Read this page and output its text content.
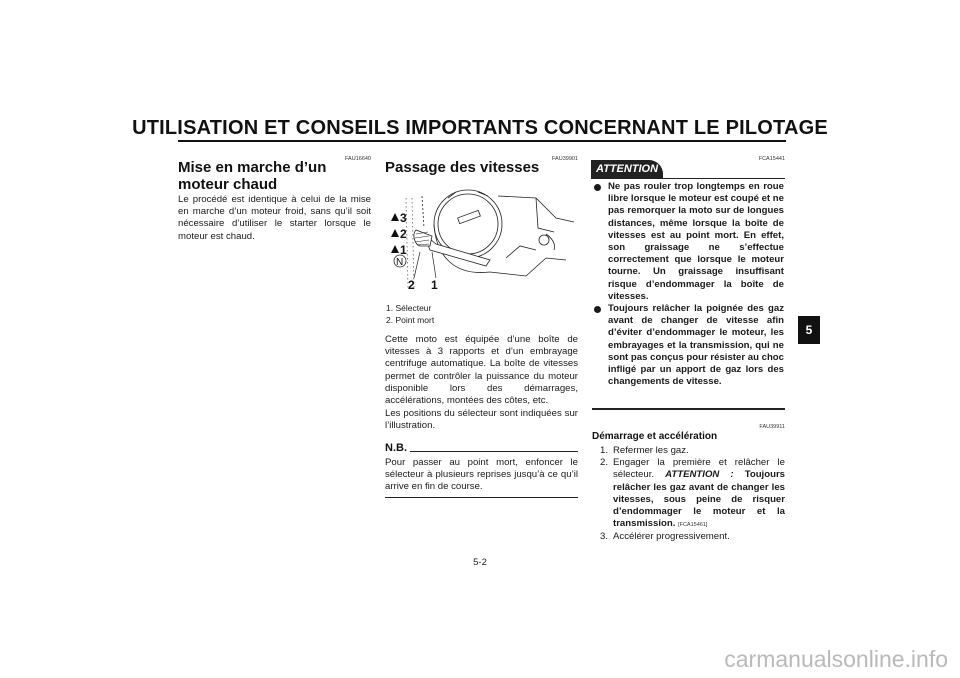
UTILISATION ET CONSEILS IMPORTANTS CONCERNANT LE PILOTAGE
5
FAU16640
Mise en marche d’un moteur chaud
Le procédé est identique à celui de la mise en marche d’un moteur froid, sans qu’il soit nécessaire d’utiliser le starter lorsque le moteur est chaud.
FAU39901
Passage des vitesses
3
2
1
N
2 1
1. Sélecteur
2. Point mort
Cette moto est équipée d’une boîte de vitesses à 3 rapports et d’un embrayage centrifuge automatique. La boîte de vitesses permet de contrôler la puissance du moteur disponible lors des démarrages, accélérations, montées des côtes, etc.
Les positions du sélecteur sont indiquées sur l’illustration.
N.B.
Pour passer au point mort, enfoncer le sélecteur à plusieurs reprises jusqu’à ce qu’il arrive en fin de course.
FCA15441
ATTENTION
Ne pas rouler trop longtemps en roue libre lorsque le moteur est coupé et ne pas remorquer la moto sur de longues distances, même lorsque la boîte de vitesses est au point mort. En effet, son graissage ne s’effectue correctement que lorsque le moteur tourne. Un graissage insuffisant risque d’endommager la boîte de vitesses.
Toujours relâcher la poignée des gaz avant de changer de vitesse afin d’éviter d’endommager le moteur, les embrayages et la transmission, qui ne sont pas conçus pour résister au choc infligé par un apport de gaz lors des changements de vitesse.
FAU39911
Démarrage et accélération
1. Refermer les gaz.
2. Engager la première et relâcher le sélecteur. ATTENTION : Toujours relâcher les gaz avant de changer les vitesses, sous peine de risquer d’endommager le moteur et la transmission. [FCA15461]
3. Accélérer progressivement.
5-2
carmanualsonline.info
